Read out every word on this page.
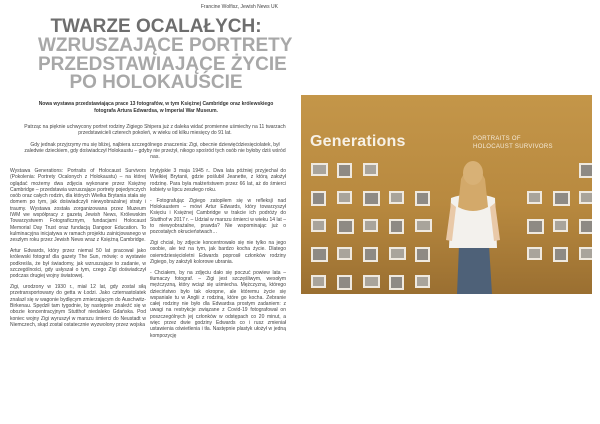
Francine Wolfisz, Jewish News UK
TWARZE OCALAŁYCH:
WZRUSZAJĄCE PORTRETY
PRZEDSTAWIAJĄCE ŻYCIE
PO HOLOKAUŚCIE
Nowa wystawa przedstawiająca prace 13 fotografów, w tym Księżnej Cambridge oraz królewskiego fotografa Artura Edwardsa, w Imperial War Museum.

Patrząc na pięknie uchwycony portret rodziny Zigiego Shipera już z daleka widać promienne uśmiechy na 11 twarzach przedstawicieli czterech pokoleń, w wieku od kilku miesięcy do 91 lat.

Gdy jednak przyjrzymy mu się bliżej, najbiera szczególnego znaczenia: Zigi, obecnie dziewięćdziesięciolatek, był zaledwie dzieckiem, gdy doświadczył Holokaustu – gdyby nie przeżył, nikogo spośród tych osób nie byłoby dziś wśród nas.

Wystawa Generations: Portraits of Holocaust Survivors (Pokolenia: Portrety Ocalonych z Holokaustu) – na której oglądać możemy dwa zdjęcia wykonane przez Księżnę Cambridge – przedstawia wzruszające portrety pojedynczych osób oraz całych rodzin, dla których Wielka Brytania stała się domem po tym, jak doświadczyli niewyobrażalnej straty i traumy. Wystawa została zorganizowana przez Muzeum IWM we współpracy z gazetą Jewish News, Królewskim Towarzystwem Fotograficznym, fundacjami Holocaust Memorial Day Trust oraz fundacją Dangoor Education. To kulminacyjna inicjatywa w ramach projektu zainicjowanego w zeszłym roku przez Jewish News wraz z Księżną Cambridge.

Artur Edwards, który przez niemal 50 lat pracował jako królewski fotograf dla gazety The Sun, mówię: o wystawie podkreśla, że był świadomy, jak wzruszające to zadanie, w szczególności, gdy usłyszał o tym, czego Zigi doświadczył podczas drugiej wojny światowej.

Zigi, urodzony w 1930 r., miał 12 lat, gdy został siłą przetransportowany do getta w Łodzi. Jako czternastolatek znalazł się w wagonie bydlęcym zmierzającym do Auschwitz-Birkenau. Spędził tam tygodnie, by następnie znaleźć się w obozie koncentracyjnym Stutthof niedaleko Gdańska. Pod koniec wojny Zigi wyruszył w marszu śmierci do Neustadt w Niemczech, skąd został ostatecznie wyzwolony przez wojska

brytyjskie 3 maja 1945 r.. Dwa lata później przyjechał do Wielkiej Brytanii, gdzie poślubił Jeanette, z którą założył rodzinę. Para była małżeństwem przez 66 lat, aż do śmierci kobiety w lipcu zeszłego roku.

- Fotografując Zigiego zatopiłem się w refleksji nad Holokaustem – mówi Artur Edwards, który towarzyszył Księciu i Księżnej Cambridge w trakcie ich podróży do Stutthof w 2017 r. – Udział w marszu śmierci w wieku 14 lat – to niewyobrażalne, prawda? Nie wspominając już o pozostałych okrucieństwach…

Zigi chciał, by zdjęcie koncentrowało się nie tylko na jego osobie, ale też na tym, jak bardzo kocha życie. Dlatego osiemdziesięcioletni Edwards poprosił członków rodziny Zigiego, by założyli kolorowe ubrania.

- Chciałem, by na zdjęciu dało się poczuć powiew lata – tłumaczy fotograf. – Zigi jest szczęśliwym, wesołym mężczyzną, który wciąż się uśmiecha. Mężczyzną, którego dzieciństwo było tak okropne, ale któremu życie się wspaniale tu w Anglii z rodziną, które go kocha. Zebranie całej rodziny nie było dla Edwardsa prostym zadaniem: z uwagi na restrykcje związane z Covid-19 fotografował on poszczególnych jej członków w odstępach co 20 minut, a więc przez dwie godziny Edwards co i rusz zmieniał ustawienia oświetlenia i tła. Następnie plastyk ułożył w jedną kompozycję

Generations	PORTRAITS OF
HOLOCAUST SURVIVORS
